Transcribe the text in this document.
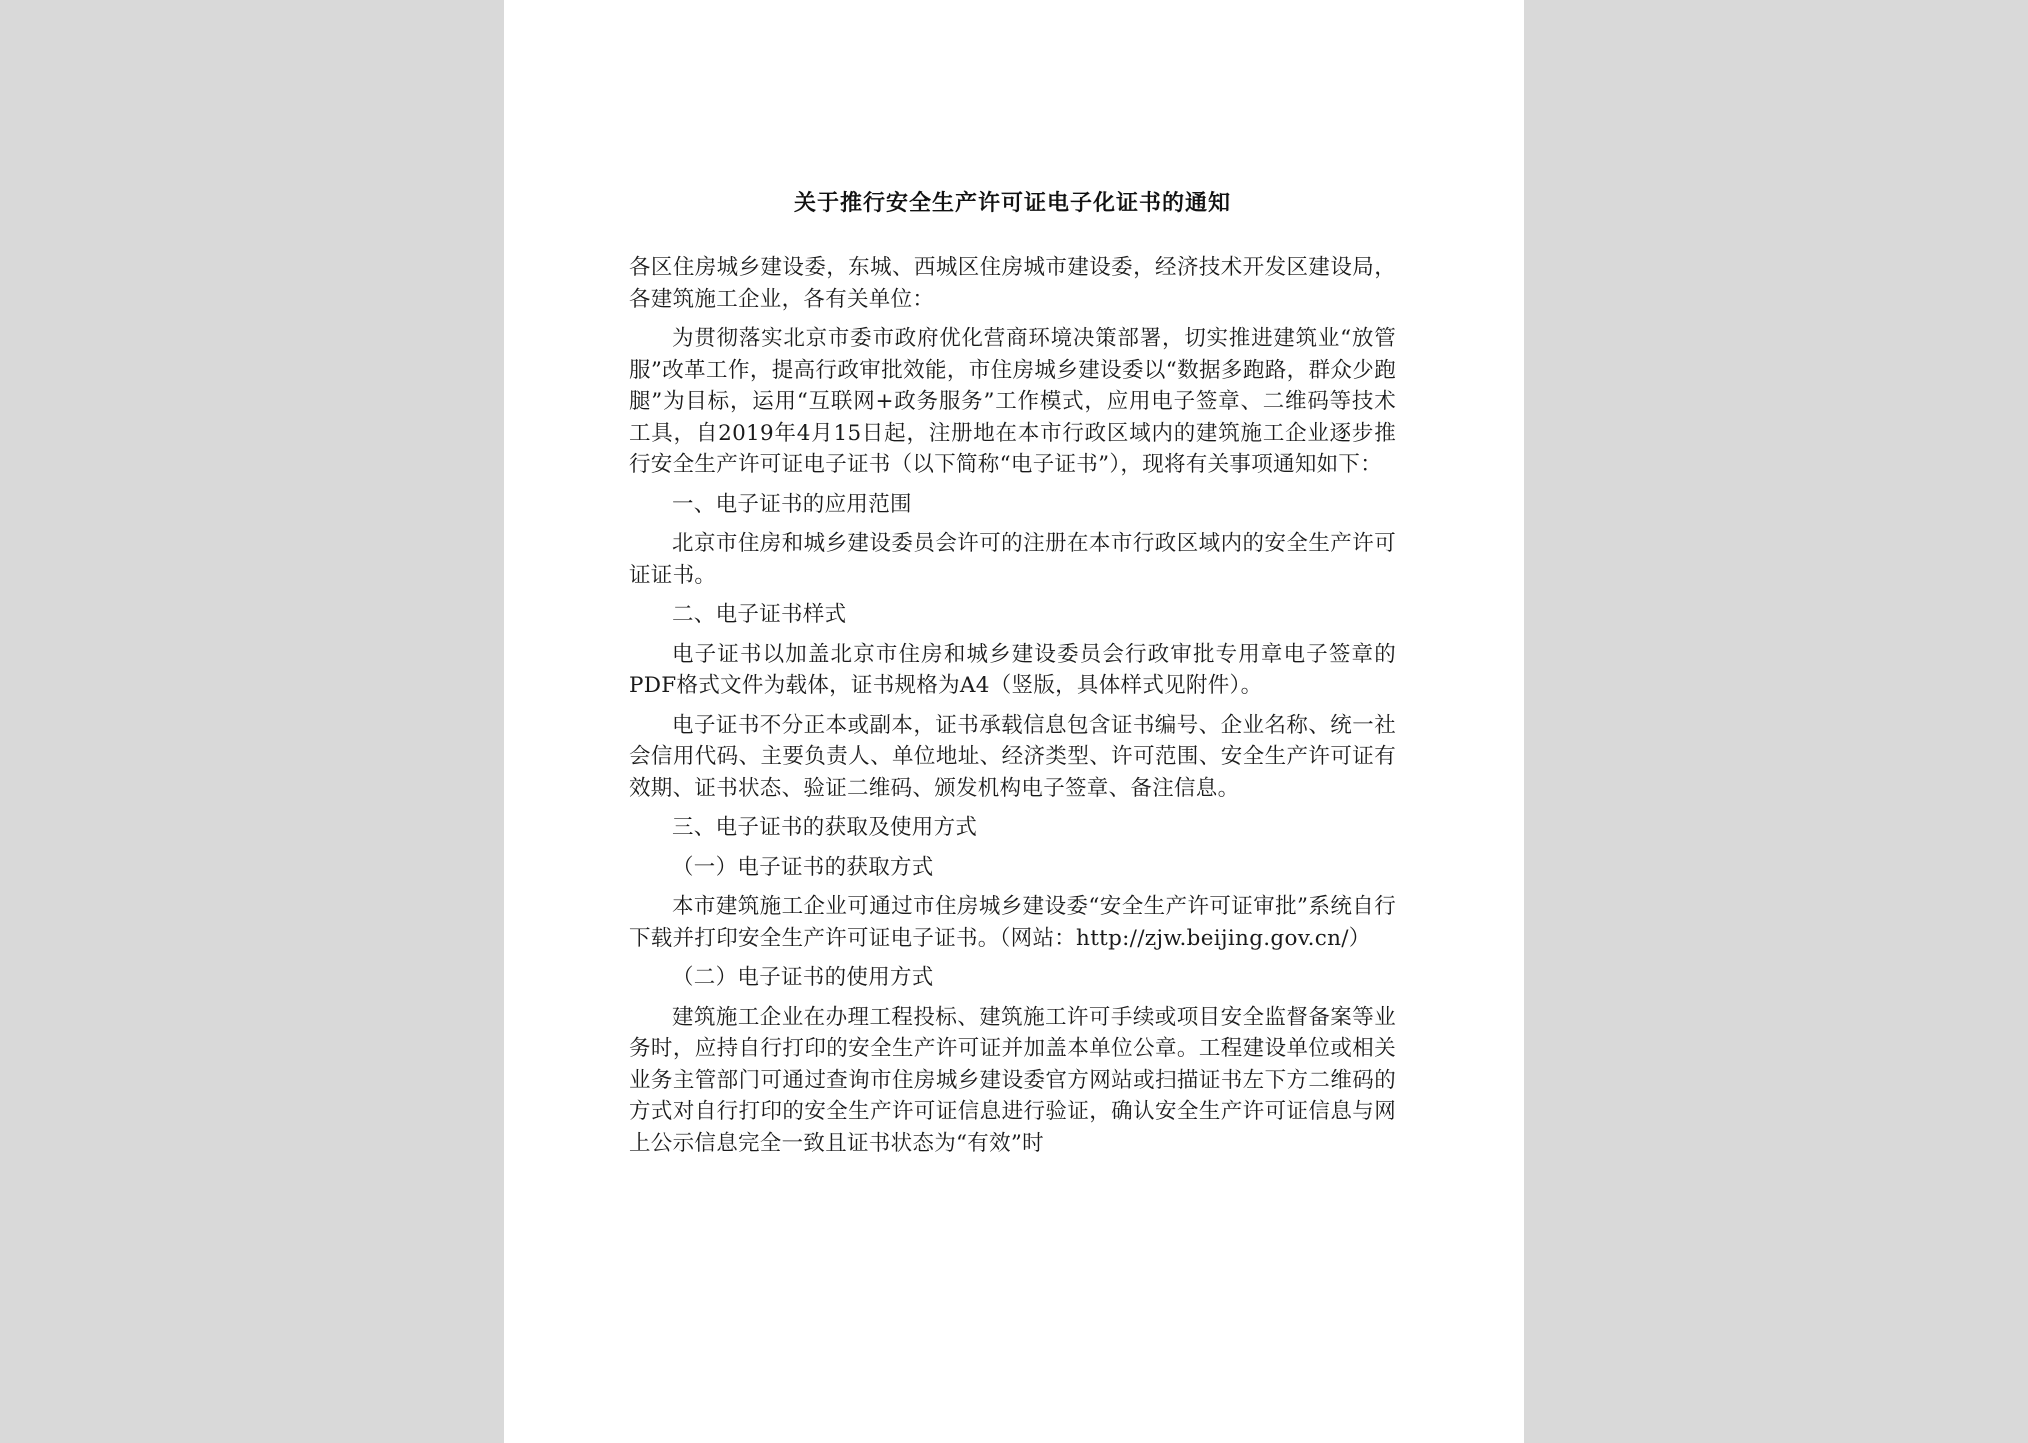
关于推行安全生产许可证电子化证书的通知

各区住房城乡建设委，东城、西城区住房城市建设委，经济技术开发区建设局，各建筑施工企业，各有关单位：

为贯彻落实北京市委市政府优化营商环境决策部署，切实推进建筑业“放管服”改革工作，提高行政审批效能，市住房城乡建设委以“数据多跑路，群众少跑腿”为目标，运用“互联网+政务服务”工作模式，应用电子签章、二维码等技术工具，自2019年4月15日起，注册地在本市行政区域内的建筑施工企业逐步推行安全生产许可证电子证书（以下简称“电子证书”），现将有关事项通知如下：

一、电子证书的应用范围

北京市住房和城乡建设委员会许可的注册在本市行政区域内的安全生产许可证证书。

二、电子证书样式

电子证书以加盖北京市住房和城乡建设委员会行政审批专用章电子签章的PDF格式文件为载体，证书规格为A4（竖版，具体样式见附件）。

电子证书不分正本或副本，证书承载信息包含证书编号、企业名称、统一社会信用代码、主要负责人、单位地址、经济类型、许可范围、安全生产许可证有效期、证书状态、验证二维码、颁发机构电子签章、备注信息。

三、电子证书的获取及使用方式

（一）电子证书的获取方式

本市建筑施工企业可通过市住房城乡建设委“安全生产许可证审批”系统自行下载并打印安全生产许可证电子证书。（网站：http://zjw.beijing.gov.cn/）

（二）电子证书的使用方式

建筑施工企业在办理工程投标、建筑施工许可手续或项目安全监督备案等业务时，应持自行打印的安全生产许可证并加盖本单位公章。工程建设单位或相关业务主管部门可通过查询市住房城乡建设委官方网站或扫描证书左下方二维码的方式对自行打印的安全生产许可证信息进行验证，确认安全生产许可证信息与网上公示信息完全一致且证书状态为“有效”时
